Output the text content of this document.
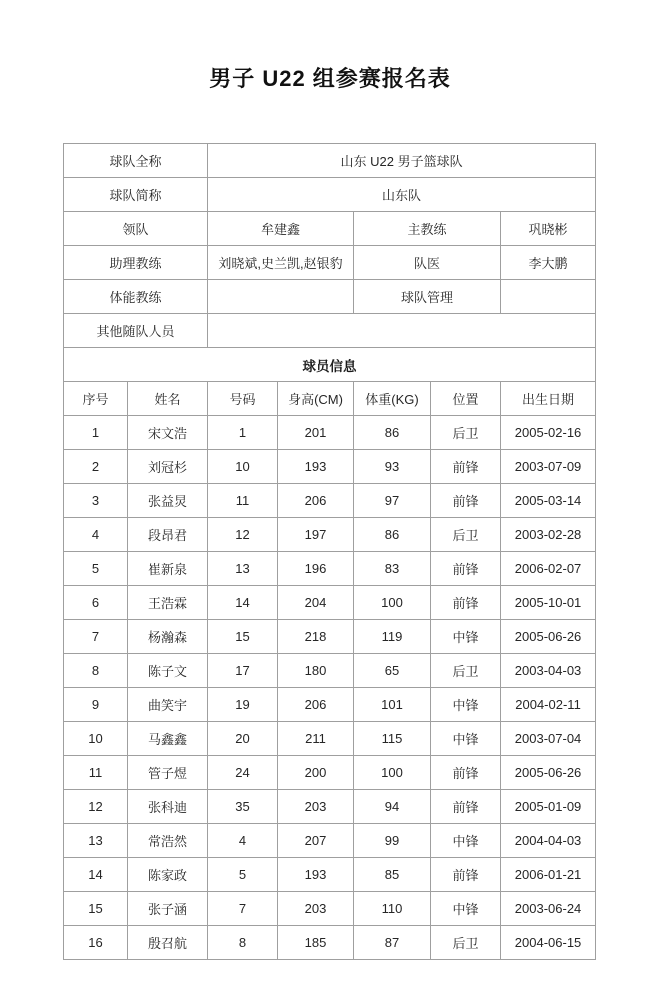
男子 U22 组参赛报名表
球队全称		山东 U22 男子篮球队				
球队简称		山东队				
领队		牟建鑫		主教练		巩晓彬
助理教练		刘晓斌,史兰凯,赵银豹		队医		李大鹏
体能教练				球队管理		
其他随队人员						
球员信息						
序号	姓名	号码	身高(CM)	体重(KG)	位置	出生日期
1	宋文浩	1	201	86	后卫	2005-02-16
2	刘冠杉	10	193	93	前锋	2003-07-09
3	张益炅	11	206	97	前锋	2005-03-14
4	段昂君	12	197	86	后卫	2003-02-28
5	崔新泉	13	196	83	前锋	2006-02-07
6	王浩霖	14	204	100	前锋	2005-10-01
7	杨瀚森	15	218	119	中锋	2005-06-26
8	陈子文	17	180	65	后卫	2003-04-03
9	曲笑宇	19	206	101	中锋	2004-02-11
10	马鑫鑫	20	211	115	中锋	2003-07-04
11	管子煜	24	200	100	前锋	2005-06-26
12	张科迪	35	203	94	前锋	2005-01-09
13	常浩然	4	207	99	中锋	2004-04-03
14	陈家政	5	193	85	前锋	2006-01-21
15	张子涵	7	203	110	中锋	2003-06-24
16	殷召航	8	185	87	后卫	2004-06-15
